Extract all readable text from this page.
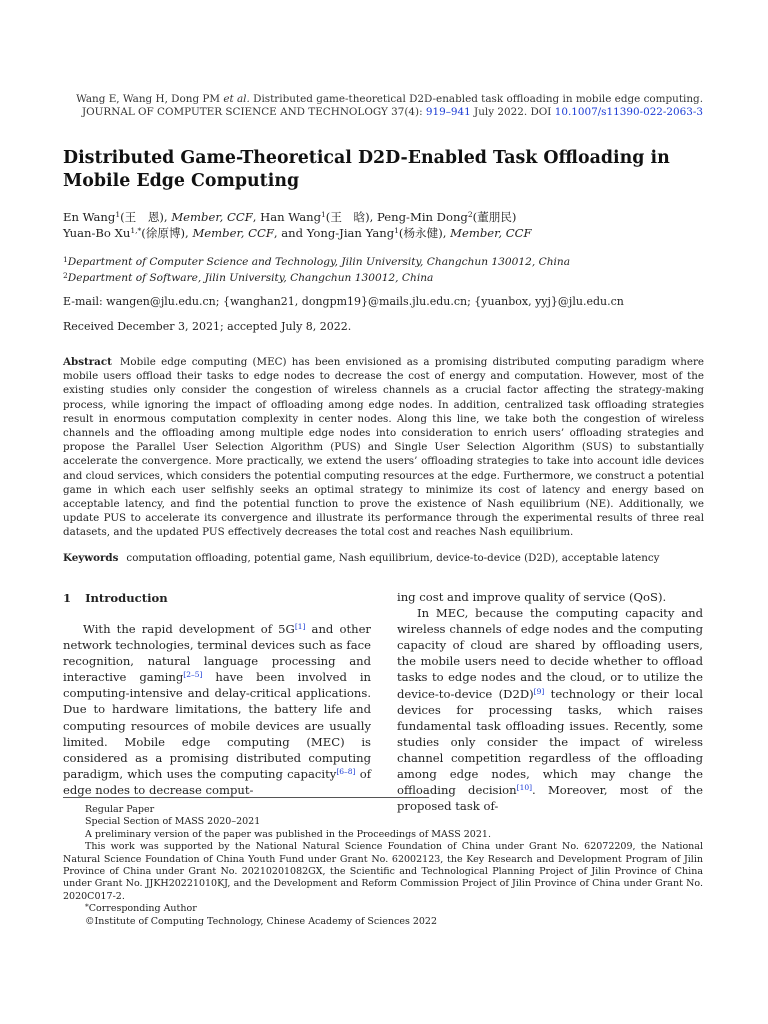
Wang E, Wang H, Dong PM et al. Distributed game-theoretical D2D-enabled task offloading in mobile edge computing.
JOURNAL OF COMPUTER SCIENCE AND TECHNOLOGY 37(4): 919–941 July 2022. DOI 10.1007/s11390-022-2063-3
Distributed Game-Theoretical D2D-Enabled Task Offloading in
Mobile Edge Computing
En Wang$^1$(王　恩), Member, CCF, Han Wang$^1$(王　晗), Peng-Min Dong$^2$(董朋民)
Yuan-Bo $Xu^{1,*}$(徐原博), Member, CCF, and Yong-Jian Yang$^1$(杨永健), Member, CCF
$^1$Department of Computer Science and Technology, Jilin University, Changchun 130012, China
$^2$Department of Software, Jilin University, Changchun 130012, China
E-mail: wangen@jlu.edu.cn; {wanghan21, dongpm19}@mails.jlu.edu.cn; {yuanbox, yyj}@jlu.edu.cn
Received December 3, 2021; accepted July 8, 2022.
Abstract Mobile edge computing (MEC) has been envisioned as a promising distributed computing paradigm where mobile users offload their tasks to edge nodes to decrease the cost of energy and computation. However, most of the existing studies only consider the congestion of wireless channels as a crucial factor affecting the strategy-making process, while ignoring the impact of offloading among edge nodes. In addition, centralized task offloading strategies result in enormous computation complexity in center nodes. Along this line, we take both the congestion of wireless channels and the offloading among multiple edge nodes into consideration to enrich users’ offloading strategies and propose the Parallel User Selection Algorithm (PUS) and Single User Selection Algorithm (SUS) to substantially accelerate the convergence. More practically, we extend the users’ offloading strategies to take into account idle devices and cloud services, which considers the potential computing resources at the edge. Furthermore, we construct a potential game in which each user selfishly seeks an optimal strategy to minimize its cost of latency and energy based on acceptable latency, and find the potential function to prove the existence of Nash equilibrium (NE). Additionally, we update PUS to accelerate its convergence and illustrate its performance through the experimental results of three real datasets, and the updated PUS effectively decreases the total cost and reaches Nash equilibrium.
Keywords computation offloading, potential game, Nash equilibrium, device-to-device (D2D), acceptable latency
1 Introduction

With the rapid development of 5G[1] and other network technologies, terminal devices such as face recognition, natural language processing and interactive gaming[2–5] have been involved in computing-intensive and delay-critical applications. Due to hardware limitations, the battery life and computing resources of mobile devices are usually limited. Mobile edge computing (MEC) is considered as a promising distributed computing paradigm, which uses the computing capacity[6–8] of edge nodes to decrease comput-

ing cost and improve quality of service (QoS).

In MEC, because the computing capacity and wireless channels of edge nodes and the computing capacity of cloud are shared by offloading users, the mobile users need to decide whether to offload tasks to edge nodes and the cloud, or to utilize the device-to-device (D2D)[9] technology or their local devices for processing tasks, which raises fundamental task offloading issues. Recently, some studies only consider the impact of wireless channel competition regardless of the offloading among edge nodes, which may change the offloading decision[10]. Moreover, most of the proposed task of-

Regular Paper

Special Section of MASS 2020–2021

A preliminary version of the paper was published in the Proceedings of MASS 2021.

This work was supported by the National Natural Science Foundation of China under Grant No. 62072209, the National Natural Science Foundation of China Youth Fund under Grant No. 62002123, the Key Research and Development Program of Jilin Province of China under Grant No. 20210201082GX, the Scientific and Technological Planning Project of Jilin Province of China under Grant No. JJKH20221010KJ, and the Development and Reform Commission Project of Jilin Province of China under Grant No. 2020C017-2.

*Corresponding Author

©Institute of Computing Technology, Chinese Academy of Sciences 2022
